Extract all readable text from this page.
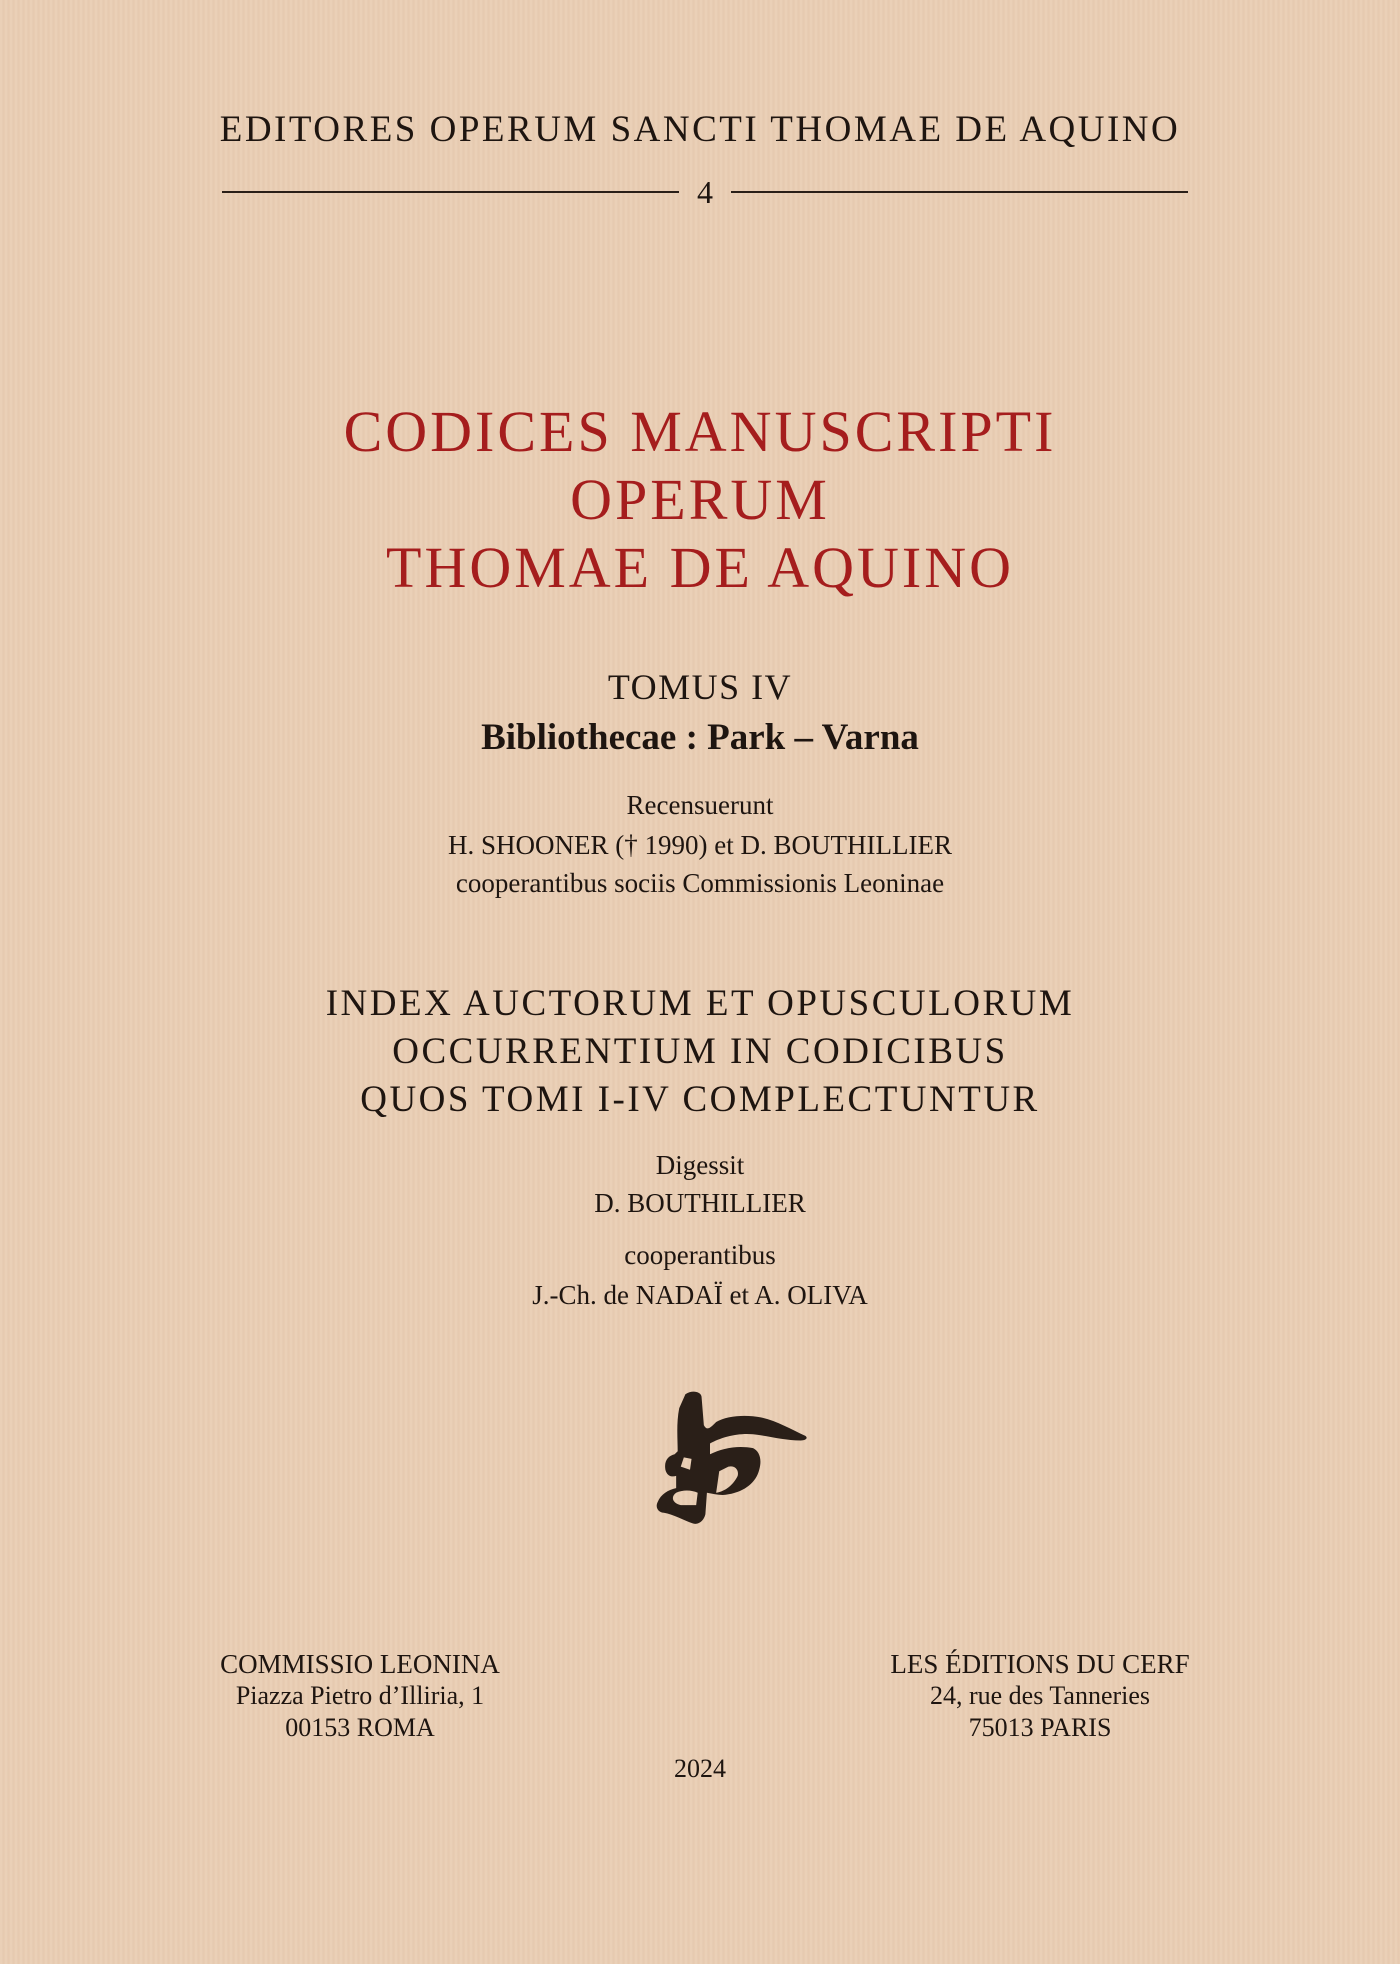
EDITORES OPERUM SANCTI THOMAE DE AQUINO
4
CODICES MANUSCRIPTI
OPERUM
THOMAE DE AQUINO
TOMUS IV
Bibliothecae : Park – Varna
Recensuerunt
H. SHOONER († 1990) et D. BOUTHILLIER
cooperantibus sociis Commissionis Leoninae
INDEX AUCTORUM ET OPUSCULORUM
OCCURRENTIUM IN CODICIBUS
QUOS TOMI I-IV COMPLECTUNTUR
Digessit
D. BOUTHILLIER
cooperantibus
J.-Ch. de NADAÏ et A. OLIVA
COMMISSIO LEONINA
Piazza Pietro d’Illiria, 1
00153 ROMA
LES ÉDITIONS DU CERF
24, rue des Tanneries
75013 PARIS
2024
